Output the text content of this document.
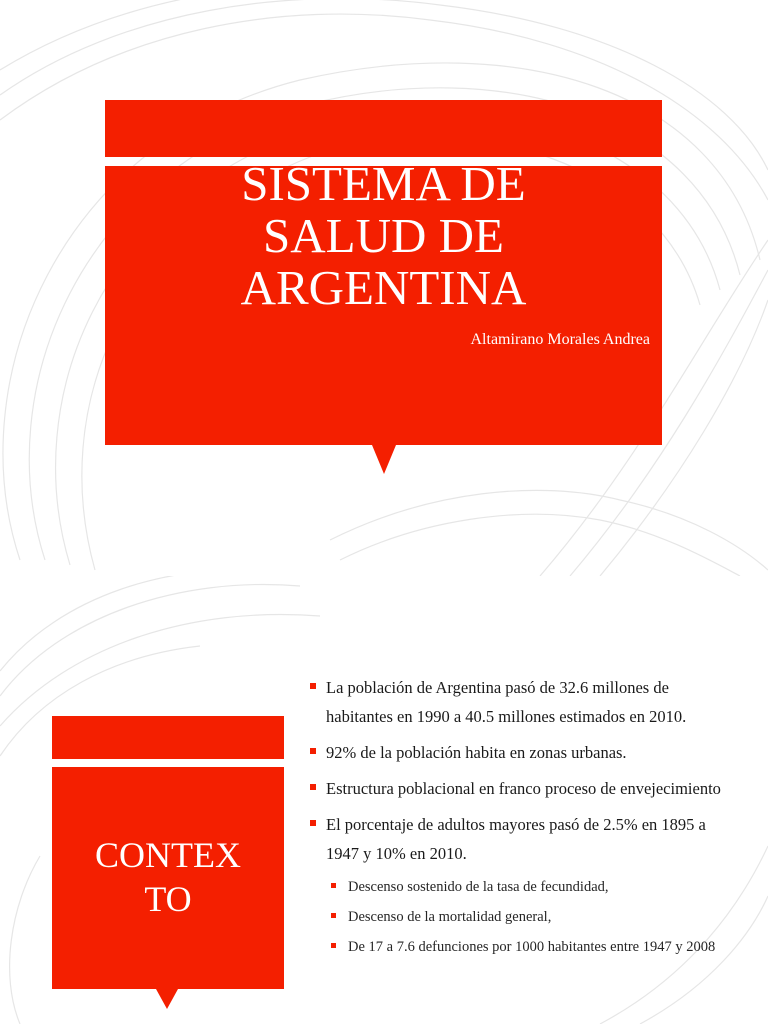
SISTEMA DE
SALUD DE
ARGENTINA
Altamirano Morales Andrea
CONTEX
TO
La población de Argentina pasó de 32.6 millones de habitantes en 1990 a 40.5 millones estimados en 2010.
92% de la población habita en zonas urbanas.
Estructura poblacional en franco proceso de envejecimiento
El porcentaje de adultos mayores pasó de 2.5% en 1895 a 1947 y 10% en 2010.
Descenso sostenido de la tasa de fecundidad,
Descenso de la mortalidad general,
De 17 a 7.6 defunciones por 1000 habitantes entre 1947 y 2008
